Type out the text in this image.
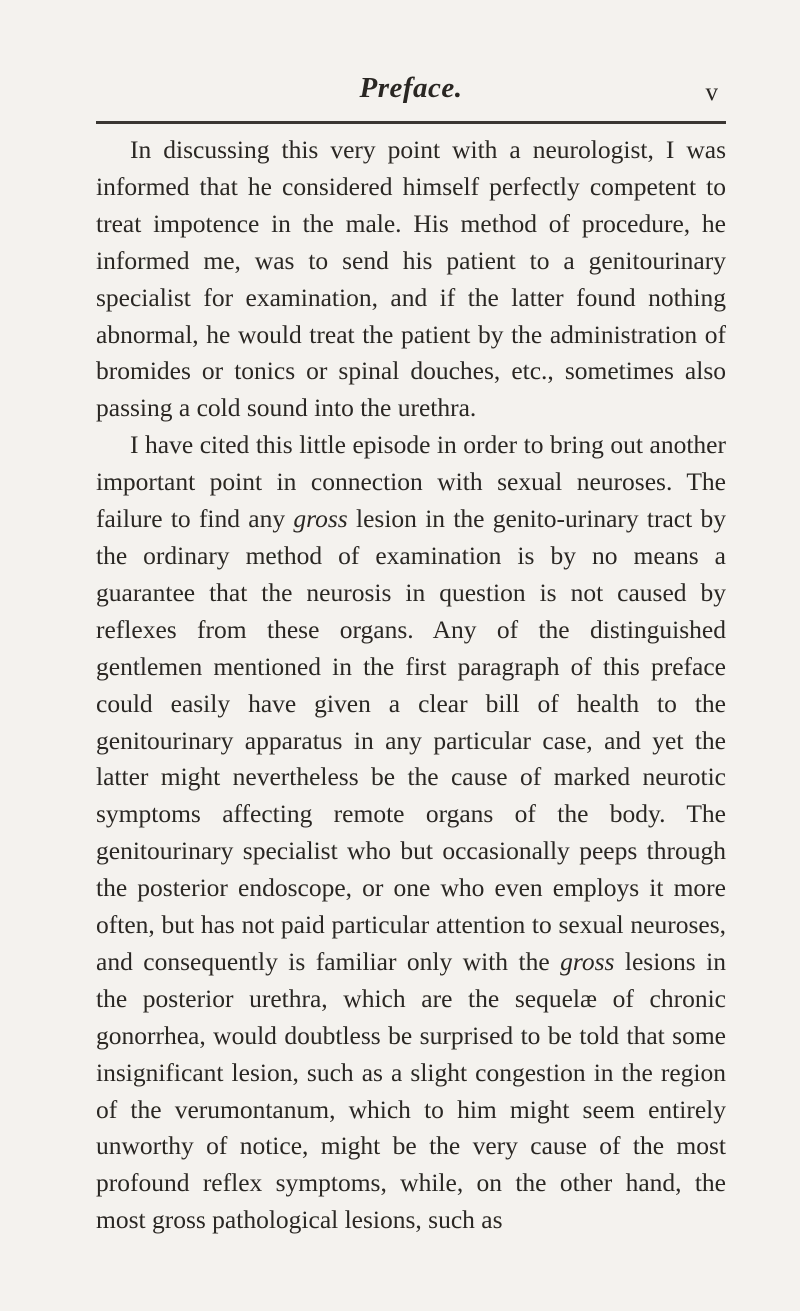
Preface.	v

In discussing this very point with a neurologist, I was informed that he considered himself perfectly competent to treat impotence in the male. His method of procedure, he informed me, was to send his patient to a genitourinary specialist for examination, and if the latter found nothing abnormal, he would treat the patient by the administration of bromides or tonics or spinal douches, etc., sometimes also passing a cold sound into the urethra.

I have cited this little episode in order to bring out another important point in connection with sexual neuroses. The failure to find any gross lesion in the genito-urinary tract by the ordinary method of examination is by no means a guarantee that the neurosis in question is not caused by reflexes from these organs. Any of the distinguished gentlemen mentioned in the first paragraph of this preface could easily have given a clear bill of health to the genitourinary apparatus in any particular case, and yet the latter might nevertheless be the cause of marked neurotic symptoms affecting remote organs of the body. The genitourinary specialist who but occasionally peeps through the posterior endoscope, or one who even employs it more often, but has not paid particular attention to sexual neuroses, and consequently is familiar only with the gross lesions in the posterior urethra, which are the sequelæ of chronic gonorrhea, would doubtless be surprised to be told that some insignificant lesion, such as a slight congestion in the region of the verumontanum, which to him might seem entirely unworthy of notice, might be the very cause of the most profound reflex symptoms, while, on the other hand, the most gross pathological lesions, such as
